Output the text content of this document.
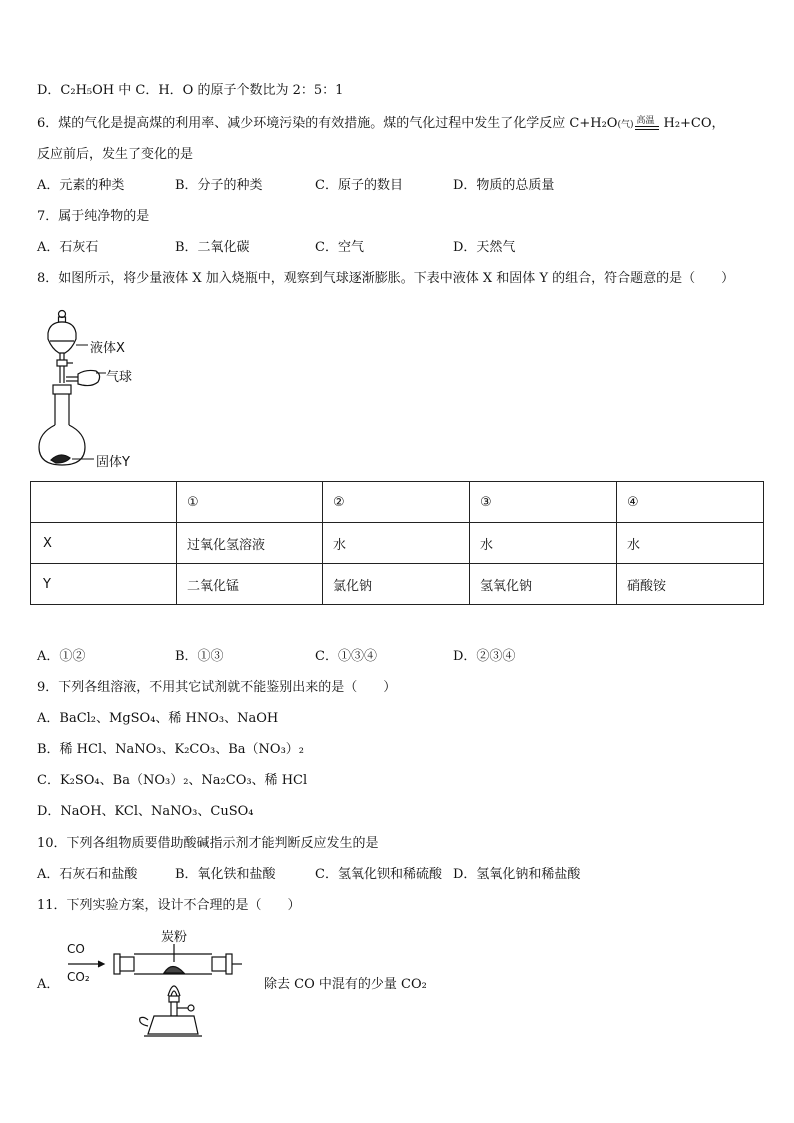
D．C₂H₅OH 中 C．H．O 的原子个数比为 2：5：1
6．煤的气化是提高煤的利用率、减少环境污染的有效措施。煤的气化过程中发生了化学反应 C+H₂O(气) 高温 H₂+CO，
反应前后，发生了变化的是
A．元素的种类	B．分子的种类	C．原子的数目	D．物质的总质量
7．属于纯净物的是
A．石灰石	B．二氧化碳	C．空气	D．天然气
8．如图所示，将少量液体 X 加入烧瓶中，观察到气球逐渐膨胀。下表中液体 X 和固体 Y 的组合，符合题意的是（　　）
液体X
气球
固体Y
	①	②	③	④
X	过氧化氢溶液	水	水	水
Y	二氧化锰	氯化钠	氢氧化钠	硝酸铵
A．①②	B．①③	C．①③④	D．②③④
9．下列各组溶液，不用其它试剂就不能鉴别出来的是（　　）
A．BaCl₂、MgSO₄、稀 HNO₃、NaOH
B．稀 HCl、NaNO₃、K₂CO₃、Ba（NO₃）₂
C．K₂SO₄、Ba（NO₃）₂、Na₂CO₃、稀 HCl
D．NaOH、KCl、NaNO₃、CuSO₄
10．下列各组物质要借助酸碱指示剂才能判断反应发生的是
A．石灰石和盐酸	B．氧化铁和盐酸	C．氢氧化钡和稀硫酸 D．氢氧化钠和稀盐酸
11．下列实验方案，设计不合理的是（　　）
A．
CO
CO₂
炭粉
除去 CO 中混有的少量 CO₂
